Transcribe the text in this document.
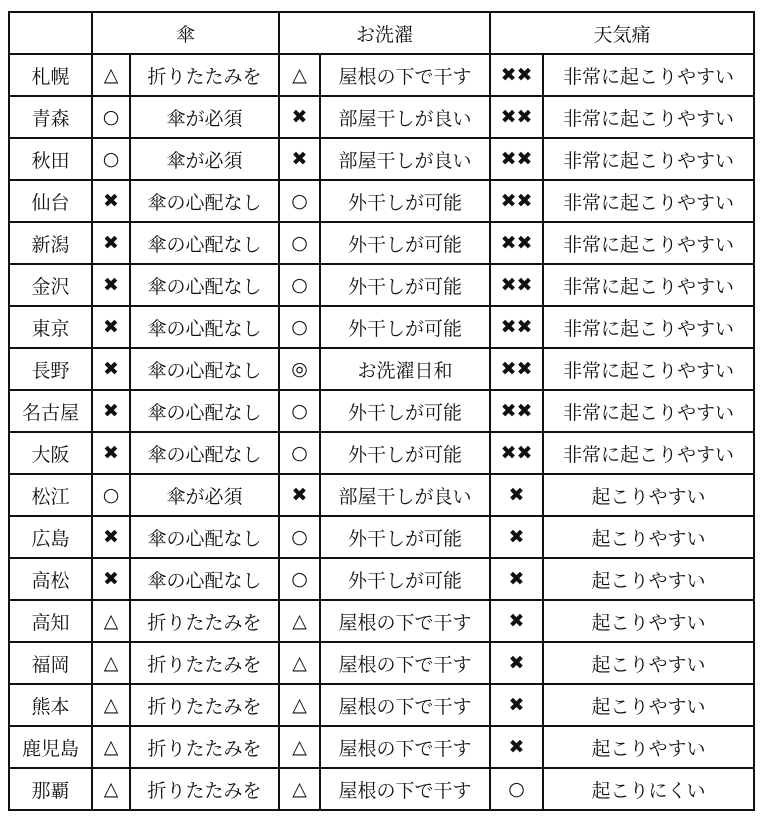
	傘		お洗濯		天気痛	
札幌	△	折りたたみを	△	屋根の下で干す	✖✖	非常に起こりやすい
青森	○	傘が必須	✖	部屋干しが良い	✖✖	非常に起こりやすい
秋田	○	傘が必須	✖	部屋干しが良い	✖✖	非常に起こりやすい
仙台	✖	傘の心配なし	○	外干しが可能	✖✖	非常に起こりやすい
新潟	✖	傘の心配なし	○	外干しが可能	✖✖	非常に起こりやすい
金沢	✖	傘の心配なし	○	外干しが可能	✖✖	非常に起こりやすい
東京	✖	傘の心配なし	○	外干しが可能	✖✖	非常に起こりやすい
長野	✖	傘の心配なし	◎	お洗濯日和	✖✖	非常に起こりやすい
名古屋	✖	傘の心配なし	○	外干しが可能	✖✖	非常に起こりやすい
大阪	✖	傘の心配なし	○	外干しが可能	✖✖	非常に起こりやすい
松江	○	傘が必須	✖	部屋干しが良い	✖	起こりやすい
広島	✖	傘の心配なし	○	外干しが可能	✖	起こりやすい
高松	✖	傘の心配なし	○	外干しが可能	✖	起こりやすい
高知	△	折りたたみを	△	屋根の下で干す	✖	起こりやすい
福岡	△	折りたたみを	△	屋根の下で干す	✖	起こりやすい
熊本	△	折りたたみを	△	屋根の下で干す	✖	起こりやすい
鹿児島	△	折りたたみを	△	屋根の下で干す	✖	起こりやすい
那覇	△	折りたたみを	△	屋根の下で干す	○	起こりにくい
